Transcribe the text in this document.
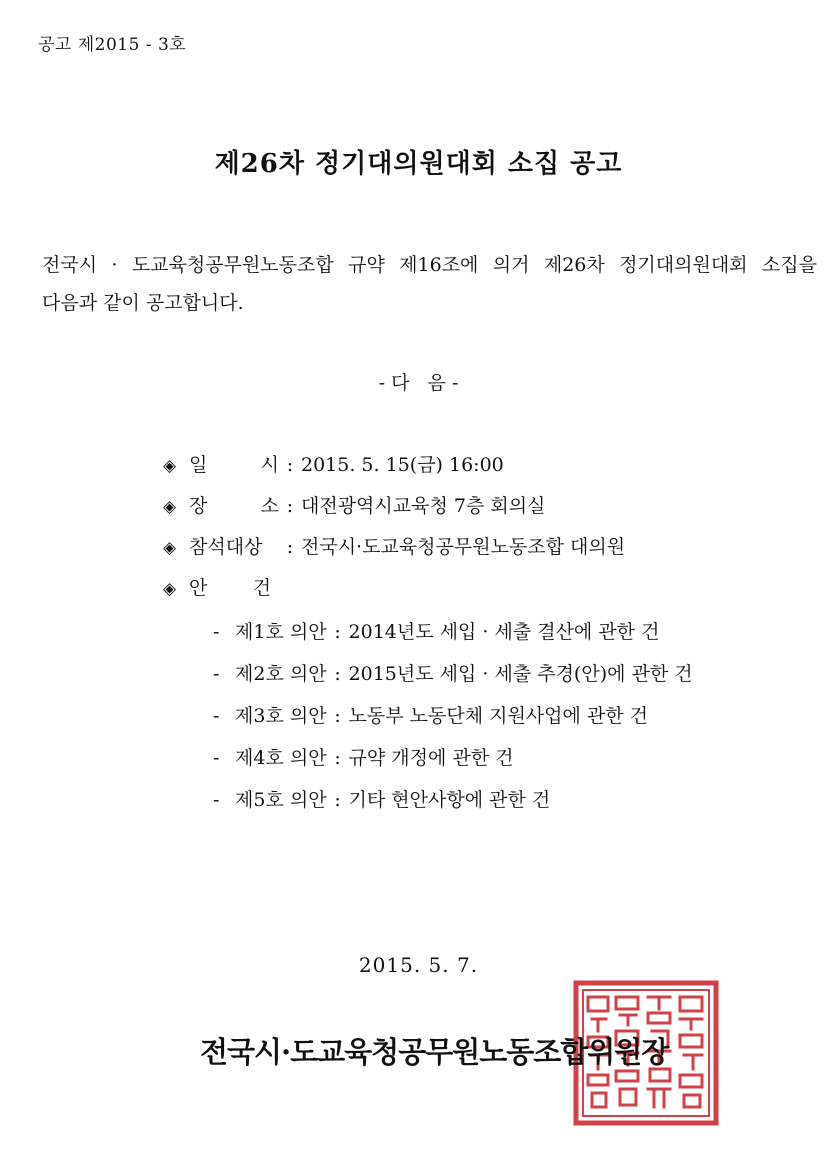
공고 제2015 - 3호
제26차 정기대의원대회 소집 공고

전국시 · 도교육청공무원노동조합 규약 제16조에 의거 제26차 정기대의원대회 소집을

다음과 같이 공고합니다.

- 다   음 -
◈ 일 시 : 2015. 5. 15(금) 16:00
◈ 장 소 : 대전광역시교육청 7층 회의실
◈ 참석대상 : 전국시·도교육청공무원노동조합 대의원
◈ 안 건
- 제1호 의안 : 2014년도 세입 · 세출 결산에 관한 건
- 제2호 의안 : 2015년도 세입 · 세출 추경(안)에 관한 건
- 제3호 의안 : 노동부 노동단체 지원사업에 관한 건
- 제4호 의안 : 규약 개정에 관한 건
- 제5호 의안 : 기타 현안사항에 관한 건
2015. 5. 7.
전국시·도교육청공무원노동조합위원장
